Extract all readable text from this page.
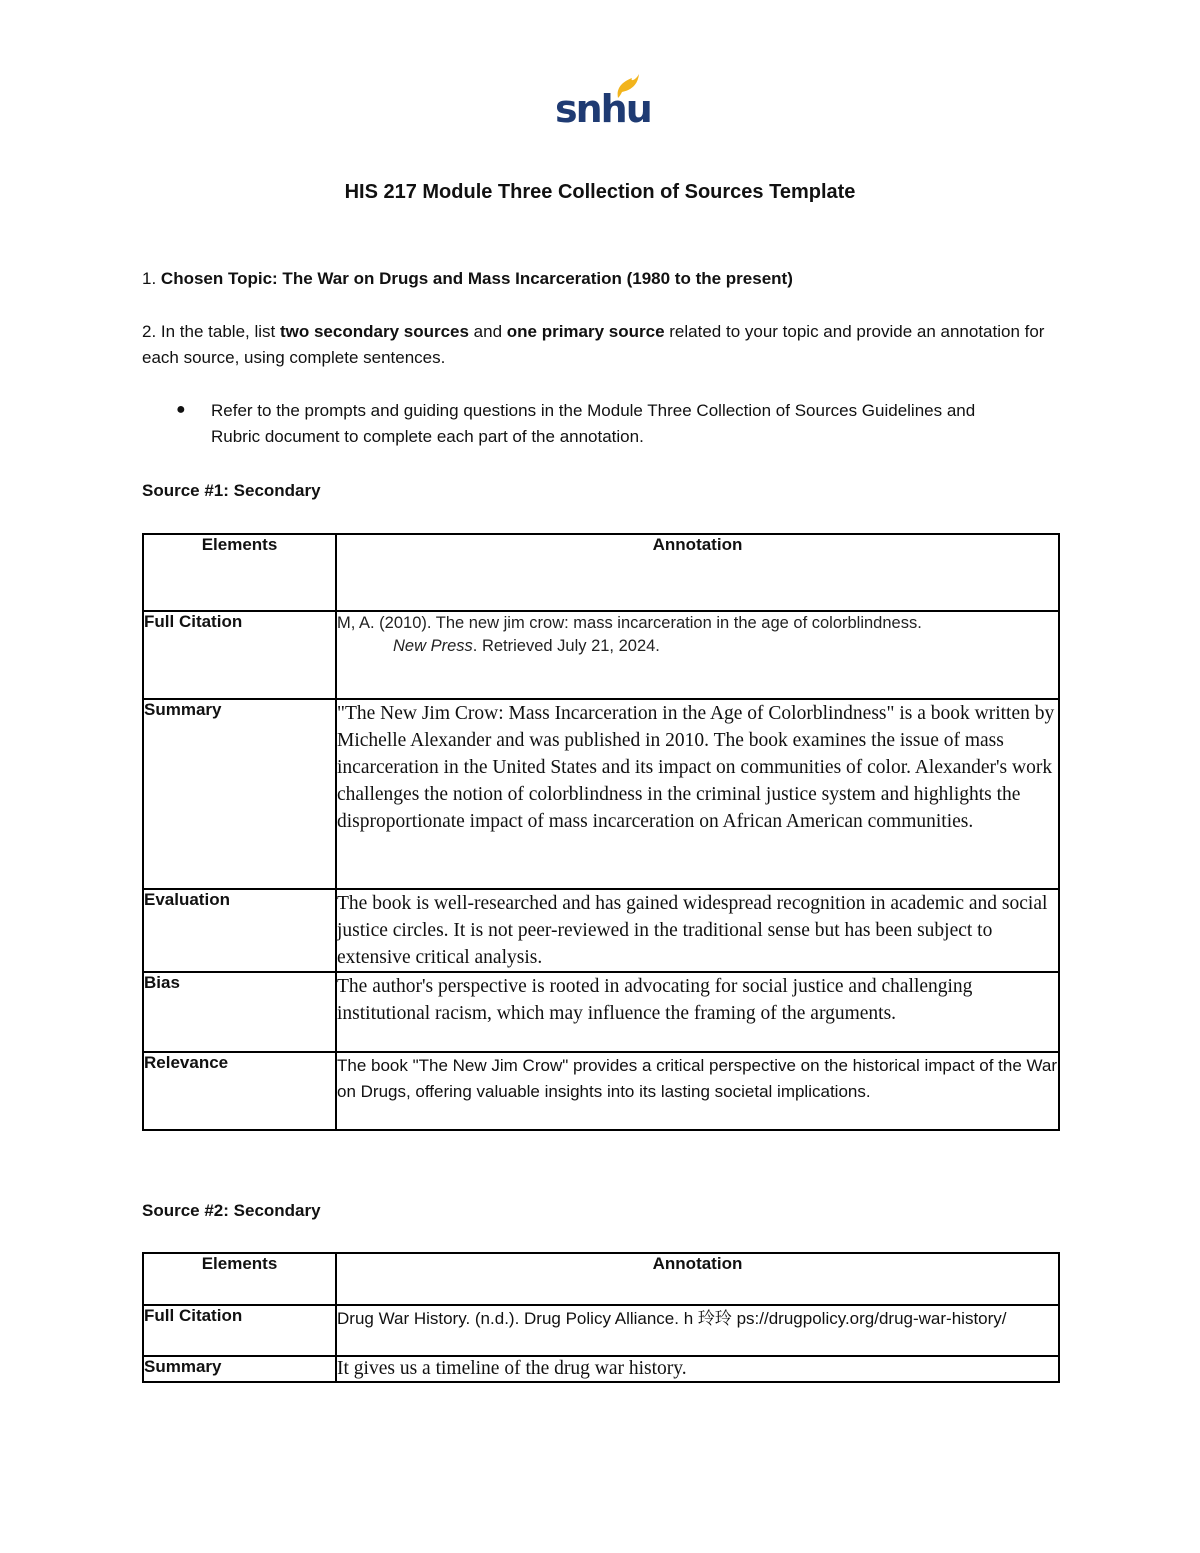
snhu
HIS 217 Module Three Collection of Sources Template
1. Chosen Topic: The War on Drugs and Mass Incarceration (1980 to the present)
2. In the table, list two secondary sources and one primary source related to your topic and provide an annotation for each source, using complete sentences.
● Refer to the prompts and guiding questions in the Module Three Collection of Sources Guidelines and Rubric document to complete each part of the annotation.
Source #1: Secondary
Elements	Annotation
Full Citation	M, A. (2010). The new jim crow: mass incarceration in the age of colorblindness.
New Press. Retrieved July 21, 2024.

Summary	"The New Jim Crow: Mass Incarceration in the Age of Colorblindness" is a book written by Michelle Alexander and was published in 2010. The book examines the issue of mass incarceration in the United States and its impact on communities of color. Alexander's work challenges the notion of colorblindness in the criminal justice system and highlights the disproportionate impact of mass incarceration on African American communities.
Evaluation	The book is well-researched and has gained widespread recognition in academic and social justice circles. It is not peer-reviewed in the traditional sense but has been subject to extensive critical analysis.
Bias	The author's perspective is rooted in advocating for social justice and challenging institutional racism, which may influence the framing of the arguments.
Relevance	The book "The New Jim Crow" provides a critical perspective on the historical impact of the War on Drugs, offering valuable insights into its lasting societal implications.
Source #2: Secondary
Elements	Annotation
Full Citation	Drug War History. (n.d.). Drug Policy Alliance. h 玲玲 ps://drugpolicy.org/drug-war-history/
Summary	It gives us a timeline of the drug war history.
